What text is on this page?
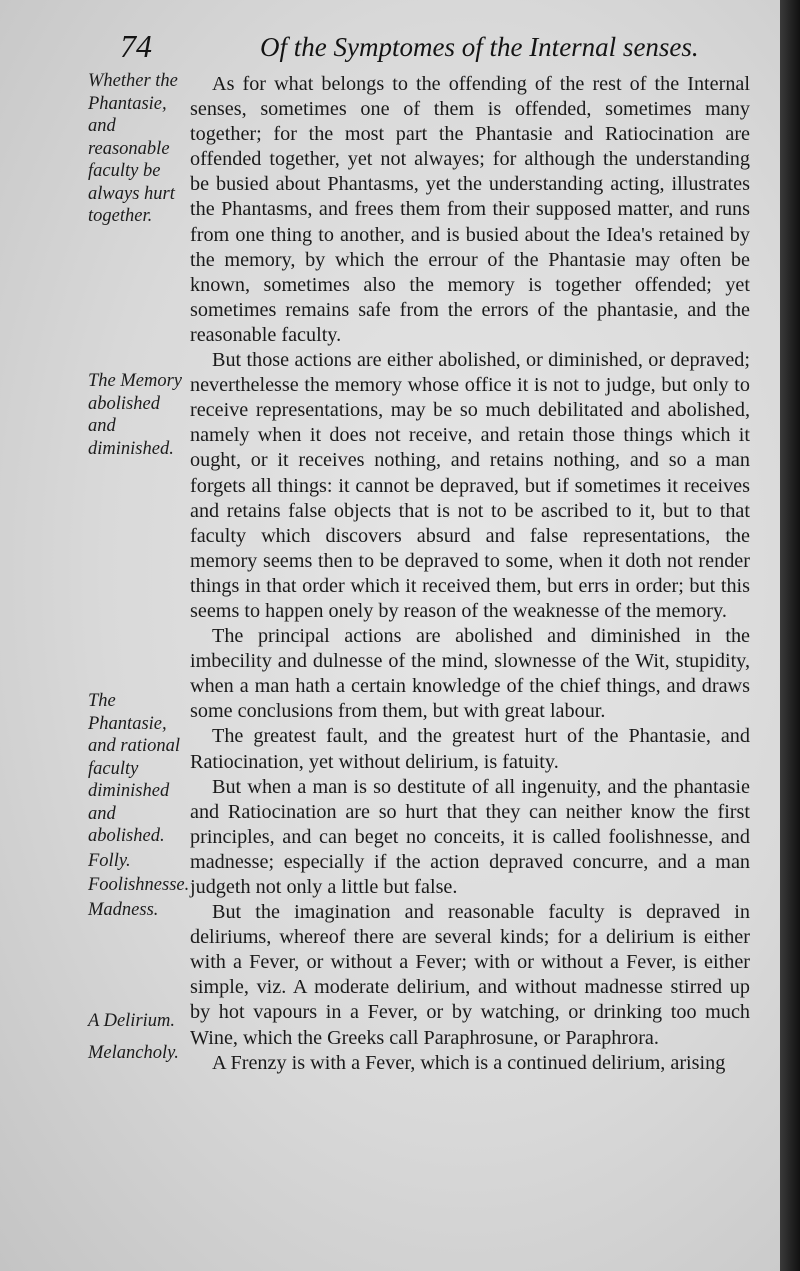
74	Of the Symptomes of the Internal senses.
Whether the Phantasie, and reasonable faculty be always hurt together.
The Memory abolished and diminished.
The Phantasie, and rational faculty diminished and abolished.
Folly.
Foolishnesse.
Madness.
A Delirium.
Melancholy.

As for what belongs to the offending of the rest of the Internal senses, sometimes one of them is offended, sometimes many together; for the most part the Phantasie and Ratiocination are offended together, yet not alwayes; for although the understanding be busied about Phantasms, yet the understanding acting, illustrates the Phantasms, and frees them from their supposed matter, and runs from one thing to another, and is busied about the Idea's retained by the memory, by which the errour of the Phantasie may often be known, sometimes also the memory is together offended; yet sometimes remains safe from the errors of the phantasie, and the reasonable faculty.

But those actions are either abolished, or diminished, or depraved; neverthelesse the memory whose office it is not to judge, but only to receive representations, may be so much debilitated and abolished, namely when it does not receive, and retain those things which it ought, or it receives nothing, and retains nothing, and so a man forgets all things: it cannot be depraved, but if sometimes it receives and retains false objects that is not to be ascribed to it, but to that faculty which discovers absurd and false representations, the memory seems then to be depraved to some, when it doth not render things in that order which it received them, but errs in order; but this seems to happen onely by reason of the weaknesse of the memory.

The principal actions are abolished and diminished in the imbecility and dulnesse of the mind, slownesse of the Wit, stupidity, when a man hath a certain knowledge of the chief things, and draws some conclusions from them, but with great labour.

The greatest fault, and the greatest hurt of the Phantasie, and Ratiocination, yet without delirium, is fatuity.

But when a man is so destitute of all ingenuity, and the phantasie and Ratiocination are so hurt that they can neither know the first principles, and can beget no conceits, it is called foolishnesse, and madnesse; especially if the action depraved concurre, and a man judgeth not only a little but false.

But the imagination and reasonable faculty is depraved in deliriums, whereof there are several kinds; for a delirium is either with a Fever, or without a Fever; with or without a Fever, is either simple, viz. A moderate delirium, and without madnesse stirred up by hot vapours in a Fever, or by watching, or drinking too much Wine, which the Greeks call Paraphrosune, or Paraphrora.

A Frenzy is with a Fever, which is a continued delirium, arising
